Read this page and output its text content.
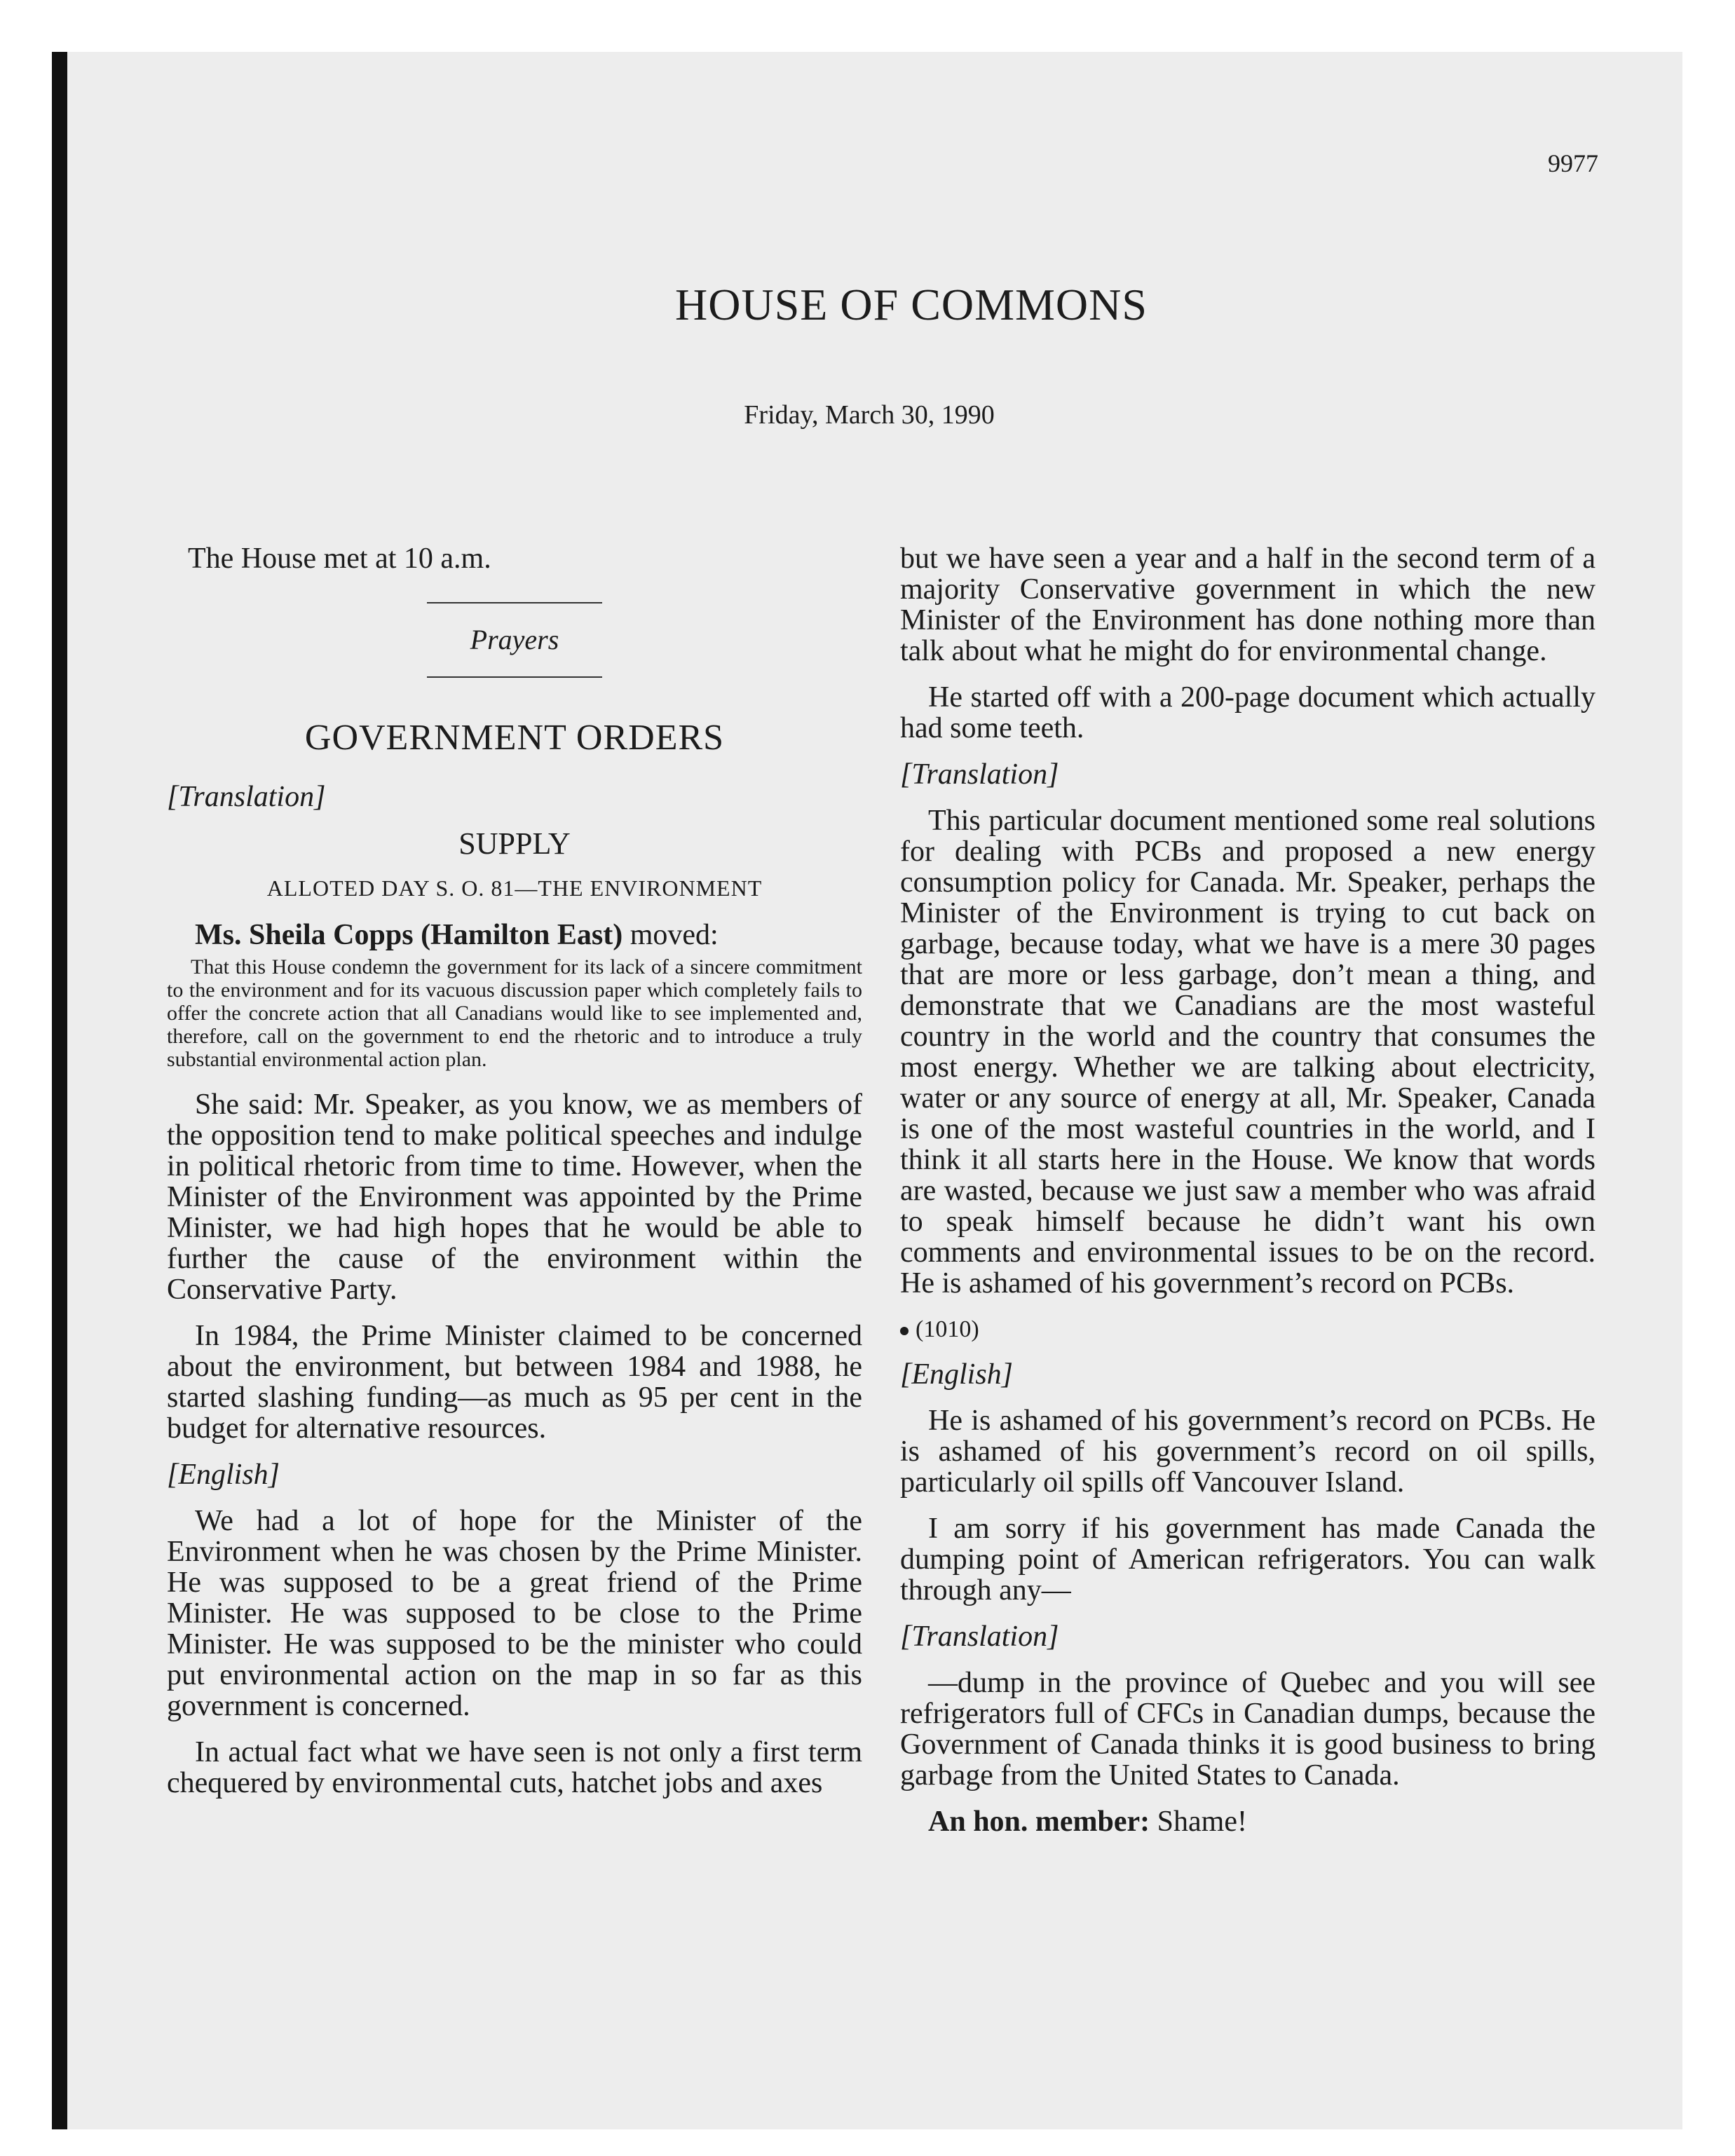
9977
HOUSE OF COMMONS
Friday, March 30, 1990

The House met at 10 a.m.

Prayers

GOVERNMENT ORDERS

[Translation]

SUPPLY

ALLOTED DAY S. O. 81—THE ENVIRONMENT

Ms. Sheila Copps (Hamilton East) moved:

That this House condemn the government for its lack of a sincere commitment to the environment and for its vacuous discussion paper which completely fails to offer the concrete action that all Canadians would like to see implemented and, therefore, call on the government to end the rhetoric and to introduce a truly substantial environmental action plan.

She said: Mr. Speaker, as you know, we as members of the opposition tend to make political speeches and indulge in political rhetoric from time to time. However, when the Minister of the Environment was appointed by the Prime Minister, we had high hopes that he would be able to further the cause of the environment within the Conservative Party.

In 1984, the Prime Minister claimed to be concerned about the environment, but between 1984 and 1988, he started slashing funding—as much as 95 per cent in the budget for alternative resources.

[English]

We had a lot of hope for the Minister of the Environment when he was chosen by the Prime Minister. He was supposed to be a great friend of the Prime Minister. He was supposed to be close to the Prime Minister. He was supposed to be the minister who could put environmental action on the map in so far as this government is concerned.

In actual fact what we have seen is not only a first term chequered by environmental cuts, hatchet jobs and axes

but we have seen a year and a half in the second term of a majority Conservative government in which the new Minister of the Environment has done nothing more than talk about what he might do for environmental change.

He started off with a 200-page document which actually had some teeth.

[Translation]

This particular document mentioned some real solutions for dealing with PCBs and proposed a new energy consumption policy for Canada. Mr. Speaker, perhaps the Minister of the Environment is trying to cut back on garbage, because today, what we have is a mere 30 pages that are more or less garbage, don’t mean a thing, and demonstrate that we Canadians are the most wasteful country in the world and the country that consumes the most energy. Whether we are talking about electricity, water or any source of energy at all, Mr. Speaker, Canada is one of the most wasteful countries in the world, and I think it all starts here in the House. We know that words are wasted, because we just saw a member who was afraid to speak himself because he didn’t want his own comments and environmental issues to be on the record. He is ashamed of his government’s record on PCBs.

(1010)

[English]

He is ashamed of his government’s record on PCBs. He is ashamed of his government’s record on oil spills, particularly oil spills off Vancouver Island.

I am sorry if his government has made Canada the dumping point of American refrigerators. You can walk through any—

[Translation]

—dump in the province of Quebec and you will see refrigerators full of CFCs in Canadian dumps, because the Government of Canada thinks it is good business to bring garbage from the United States to Canada.

An hon. member: Shame!
